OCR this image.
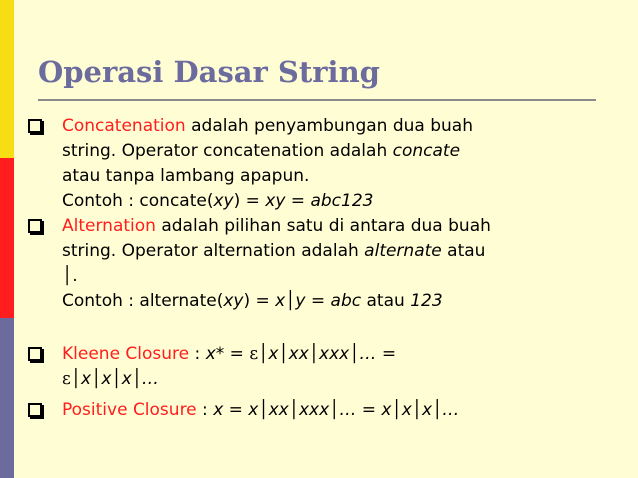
Operasi Dasar String
Concatenation adalah penyambungan dua buah
string. Operator concatenation adalah concate
atau tanpa lambang apapun.
Contoh : concate(xy) = xy = abc123
Alternation adalah pilihan satu di antara dua buah
string. Operator alternation adalah alternate atau
│.
Contoh : alternate(xy) = x│y = abc atau 123
Kleene Closure : x* = ε│x│xx│xxx│… =
ε│x│x│x│…
Positive Closure : x = x│xx│xxx│… = x│x│x│…
